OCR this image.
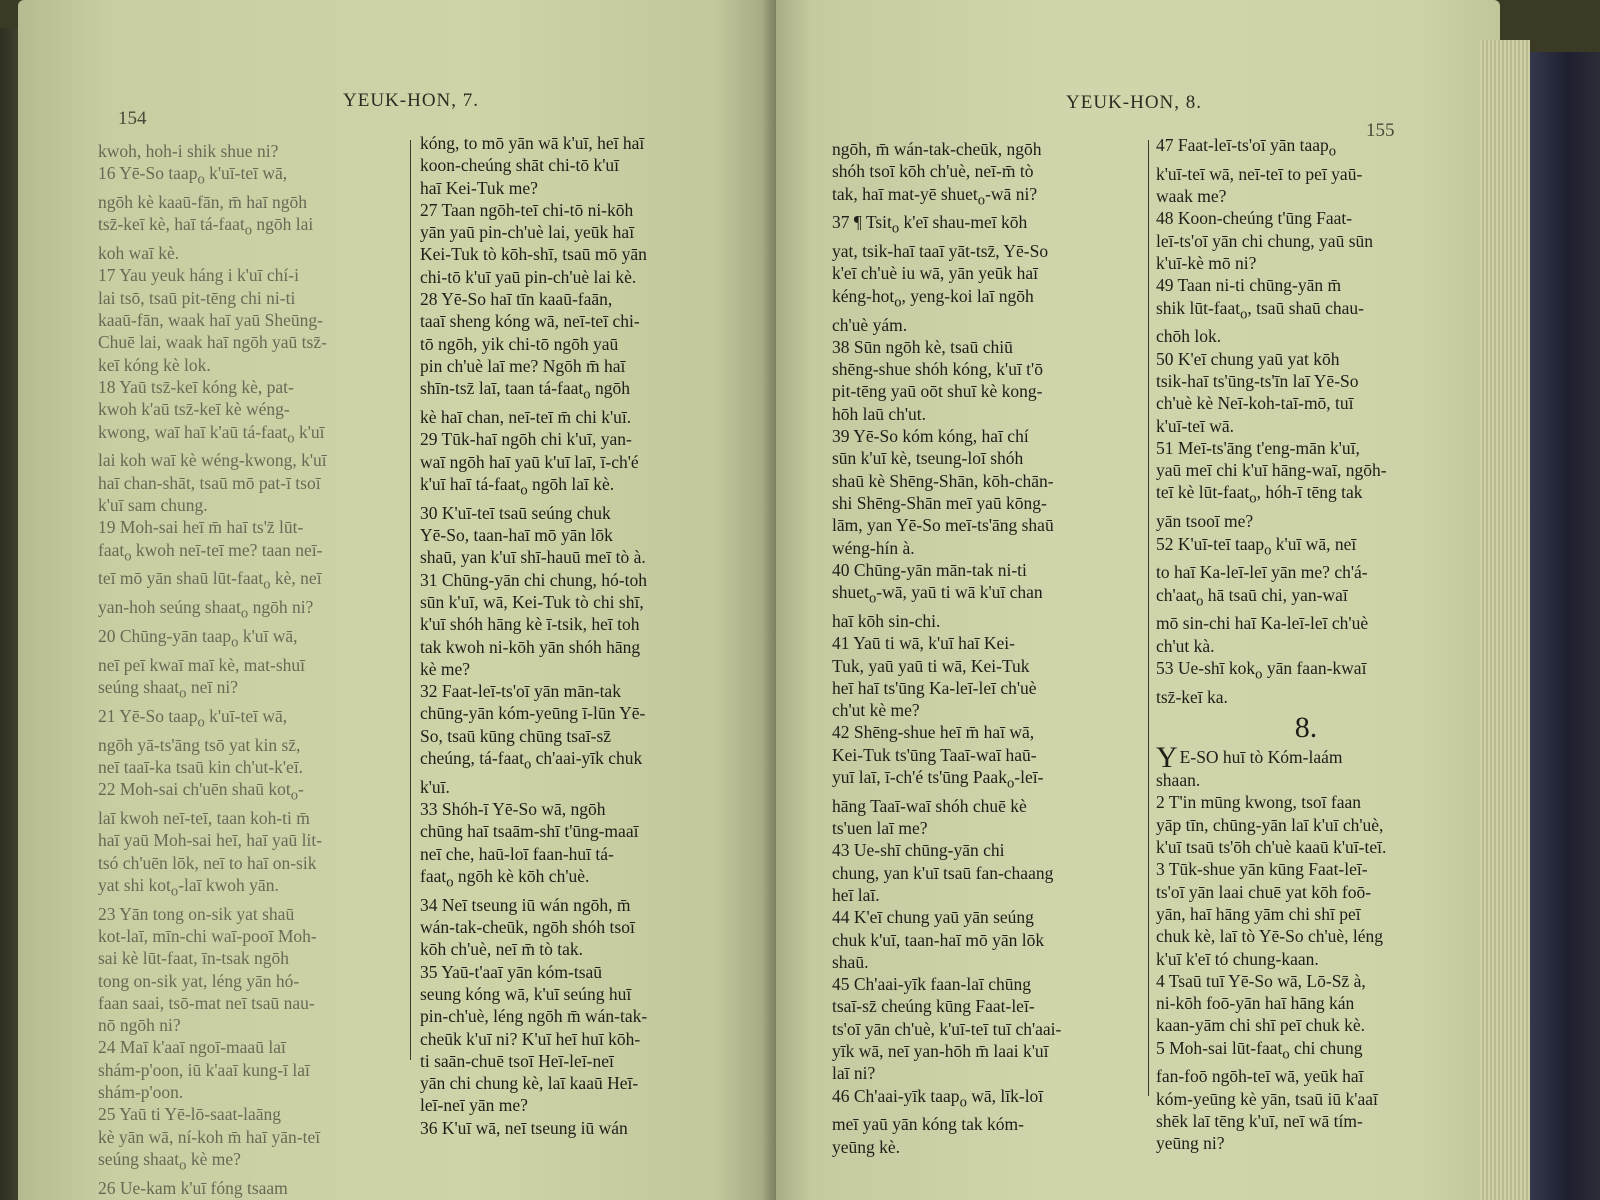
154
YEUK-HON, 7.

kwoh, hoh-i shik shue ni?

16 Yē-So taap$_o$ k'uī-teī wā,

ngōh kè kaaū-fān, m̄ haī ngōh

tsz̄-keī kè, haī tá-faat$_o$ ngōh lai

koh waī kè.

17 Yau yeuk háng i k'uī chí-i

lai tsō, tsaū pit-tēng chi ni-ti

kaaū-fān, waak haī yaū Sheūng-

Chuē lai, waak haī ngōh yaū tsz̄-

keī kóng kè lok.

18 Yaū tsz̄-keī kóng kè, pat-

kwoh k'aū tsz̄-keī kè wéng-

kwong, waī haī k'aū tá-faat$_o$ k'uī

lai koh waī kè wéng-kwong, k'uī

haī chan-shāt, tsaū mō pat-ī tsoī

k'uī sam chung.

19 Moh-sai heī m̄ haī ts'z̄ lūt-

faat$_o$ kwoh neī-teī me? taan neī-

teī mō yān shaū lūt-faat$_o$ kè, neī

yan-hoh seúng shaat$_o$ ngōh ni?

20 Chūng-yān taap$_o$ k'uī wā,

neī peī kwaī maī kè, mat-shuī

seúng shaat$_o$ neī ni?

21 Yē-So taap$_o$ k'uī-teī wā,

ngōh yā-ts'āng tsō yat kin sz̄,

neī taaī-ka tsaū kin ch'ut-k'eī.

22 Moh-sai ch'uēn shaū kot$_o$-

laī kwoh neī-teī, taan koh-ti m̄

haī yaū Moh-sai heī, haī yaū lit-

tsó ch'uēn lōk, neī to haī on-sik

yat shi kot$_o$-laī kwoh yān.

23 Yān tong on-sik yat shaū

kot-laī, mīn-chi waī-pooī Moh-

sai kè lūt-faat, īn-tsak ngōh

tong on-sik yat, léng yān hó-

faan saai, tsō-mat neī tsaū nau-

nō ngōh ni?

24 Maī k'aaī ngoī-maaū laī

shám-p'oon, iū k'aaī kung-ī laī

shám-p'oon.

25 Yaū ti Yē-lō-saat-laāng

kè yān wā, ní-koh m̄ haī yān-teī

seúng shaat$_o$ kè me?

26 Ue-kam k'uī fóng tsaam

kóng, to mō yān wā k'uī, heī haī

koon-cheúng shāt chi-tō k'uī

haī Kei-Tuk me?

27 Taan ngōh-teī chi-tō ni-kōh

yān yaū pin-ch'uè lai, yeūk haī

Kei-Tuk tò kōh-shī, tsaū mō yān

chi-tō k'uī yaū pin-ch'uè lai kè.

28 Yē-So haī tīn kaaū-faān,

taaī sheng kóng wā, neī-teī chi-

tō ngōh, yik chi-tō ngōh yaū

pin ch'uè laī me? Ngōh m̄ haī

shīn-tsz̄ laī, taan tá-faat$_o$ ngōh

kè haī chan, neī-teī m̄ chi k'uī.

29 Tūk-haī ngōh chi k'uī, yan-

waī ngōh haī yaū k'uī laī, ī-ch'é

k'uī haī tá-faat$_o$ ngōh laī kè.

30 K'uī-teī tsaū seúng chuk

Yē-So, taan-haī mō yān lōk

shaū, yan k'uī shī-hauū meī tò à.

31 Chūng-yān chi chung, hó-toh

sūn k'uī, wā, Kei-Tuk tò chi shī,

k'uī shóh hāng kè ī-tsik, heī toh

tak kwoh ni-kōh yān shóh hāng

kè me?

32 Faat-leī-ts'oī yān mān-tak

chūng-yān kóm-yeūng ī-lūn Yē-

So, tsaū kūng chūng tsaī-sz̄

cheúng, tá-faat$_o$ ch'aai-yīk chuk

k'uī.

33 Shóh-ī Yē-So wā, ngōh

chūng haī tsaām-shī t'ūng-maaī

neī che, haū-loī faan-huī tá-

faat$_o$ ngōh kè kōh ch'uè.

34 Neī tseung iū wán ngōh, m̄

wán-tak-cheūk, ngōh shóh tsoī

kōh ch'uè, neī m̄ tò tak.

35 Yaū-t'aaī yān kóm-tsaū

seung kóng wā, k'uī seúng huī

pin-ch'uè, léng ngōh m̄ wán-tak-

cheūk k'uī ni? K'uī heī huī kōh-

ti saān-chuē tsoī Heī-leī-neī

yān chi chung kè, laī kaaū Heī-

leī-neī yān me?

36 K'uī wā, neī tseung iū wán

YEUK-HON, 8.
155

ngōh, m̄ wán-tak-cheūk, ngōh

shóh tsoī kōh ch'uè, neī-m̄ tò

tak, haī mat-yē shuet$_o$-wā ni?

37 ¶ Tsit$_o$ k'eī shau-meī kōh

yat, tsik-haī taaī yāt-tsz̄, Yē-So

k'eī ch'uè iu wā, yān yeūk haī

kéng-hot$_o$, yeng-koi laī ngōh

ch'uè yám.

38 Sūn ngōh kè, tsaū chiū

shēng-shue shóh kóng, k'uī t'ō

pit-tēng yaū oōt shuī kè kong-

hōh laū ch'ut.

39 Yē-So kóm kóng, haī chí

sūn k'uī kè, tseung-loī shóh

shaū kè Shēng-Shān, kōh-chān-

shi Shēng-Shān meī yaū kōng-

lām, yan Yē-So meī-ts'āng shaū

wéng-hín à.

40 Chūng-yān mān-tak ni-ti

shuet$_o$-wā, yaū ti wā k'uī chan

haī kōh sin-chi.

41 Yaū ti wā, k'uī haī Kei-

Tuk, yaū yaū ti wā, Kei-Tuk

heī haī ts'ūng Ka-leī-leī ch'uè

ch'ut kè me?

42 Shēng-shue heī m̄ haī wā,

Kei-Tuk ts'ūng Taaī-waī haū-

yuī laī, ī-ch'é ts'ūng Paak$_o$-leī-

hāng Taaī-waī shóh chuē kè

ts'uen laī me?

43 Ue-shī chūng-yān chi

chung, yan k'uī tsaū fan-chaang

heī laī.

44 K'eī chung yaū yān seúng

chuk k'uī, taan-haī mō yān lōk

shaū.

45 Ch'aai-yīk faan-laī chūng

tsaī-sz̄ cheúng kūng Faat-leī-

ts'oī yān ch'uè, k'uī-teī tuī ch'aai-

yīk wā, neī yan-hōh m̄ laai k'uī

laī ni?

46 Ch'aai-yīk taap$_o$ wā, līk-loī

meī yaū yān kóng tak kóm-

yeūng kè.

47 Faat-leī-ts'oī yān taap$_o$

k'uī-teī wā, neī-teī to peī yaū-

waak me?

48 Koon-cheúng t'ūng Faat-

leī-ts'oī yān chi chung, yaū sūn

k'uī-kè mō ni?

49 Taan ni-ti chūng-yān m̄

shik lūt-faat$_o$, tsaū shaū chau-

chōh lok.

50 K'eī chung yaū yat kōh

tsik-haī ts'ūng-ts'īn laī Yē-So

ch'uè kè Neī-koh-taī-mō, tuī

k'uī-teī wā.

51 Meī-ts'āng t'eng-mān k'uī,

yaū meī chi k'uī hāng-waī, ngōh-

teī kè lūt-faat$_o$, hóh-ī tēng tak

yān tsooī me?

52 K'uī-teī taap$_o$ k'uī wā, neī

to haī Ka-leī-leī yān me? ch'á-

ch'aat$_o$ hā tsaū chi, yan-waī

mō sin-chi haī Ka-leī-leī ch'uè

ch'ut kà.

53 Ue-shī kok$_o$ yān faan-kwaī

tsz̄-keī ka.

8.

Y E-SO huī tò Kóm-laám

shaan.

2 T'in mūng kwong, tsoī faan

yāp tīn, chūng-yān laī k'uī ch'uè,

k'uī tsaū ts'ōh ch'uè kaaū k'uī-teī.

3 Tūk-shue yān kūng Faat-leī-

ts'oī yān laai chuē yat kōh foō-

yān, haī hāng yām chi shī peī

chuk kè, laī tò Yē-So ch'uè, léng

k'uī k'eī tó chung-kaan.

4 Tsaū tuī Yē-So wā, Lō-Sz̄ à,

ni-kōh foō-yān haī hāng kán

kaan-yām chi shī peī chuk kè.

5 Moh-sai lūt-faat$_o$ chi chung

fan-foō ngōh-teī wā, yeūk haī

kóm-yeūng kè yān, tsaū iū k'aaī

shēk laī tēng k'uī, neī wā tím-

yeūng ni?
